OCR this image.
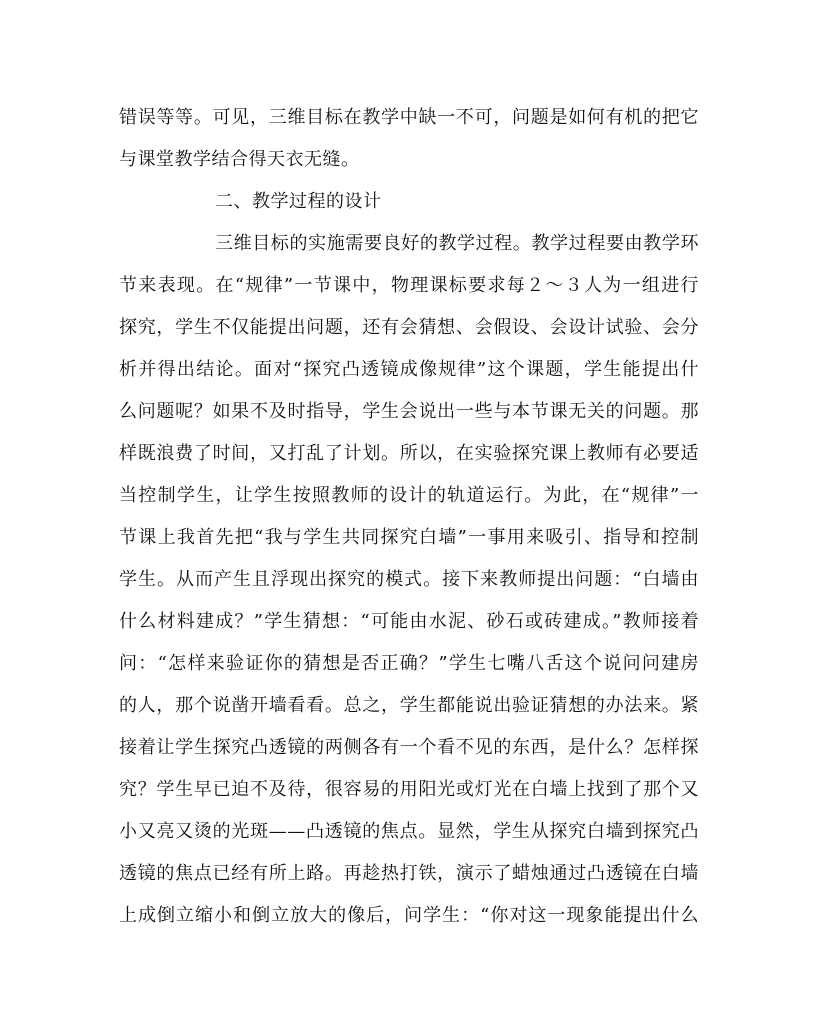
错误等等。可见，三维目标在教学中缺一不可，问题是如何有机的把它
与课堂教学结合得天衣无缝。
二、教学过程的设计
三维目标的实施需要良好的教学过程。教学过程要由教学环
节来表现。在“规律”一节课中，物理课标要求每２～３人为一组进行
探究，学生不仅能提出问题，还有会猜想、会假设、会设计试验、会分
析并得出结论。面对“探究凸透镜成像规律”这个课题，学生能提出什
么问题呢？如果不及时指导，学生会说出一些与本节课无关的问题。那
样既浪费了时间，又打乱了计划。所以，在实验探究课上教师有必要适
当控制学生，让学生按照教师的设计的轨道运行。为此，在“规律”一
节课上我首先把“我与学生共同探究白墙”一事用来吸引、指导和控制
学生。从而产生且浮现出探究的模式。接下来教师提出问题：“白墙由
什么材料建成？”学生猜想：“可能由水泥、砂石或砖建成。”教师接着
问：“怎样来验证你的猜想是否正确？”学生七嘴八舌这个说问问建房
的人，那个说凿开墙看看。总之，学生都能说出验证猜想的办法来。紧
接着让学生探究凸透镜的两侧各有一个看不见的东西，是什么？怎样探
究？学生早已迫不及待，很容易的用阳光或灯光在白墙上找到了那个又
小又亮又烫的光斑——凸透镜的焦点。显然，学生从探究白墙到探究凸
透镜的焦点已经有所上路。再趁热打铁，演示了蜡烛通过凸透镜在白墙
上成倒立缩小和倒立放大的像后，问学生：“你对这一现象能提出什么
